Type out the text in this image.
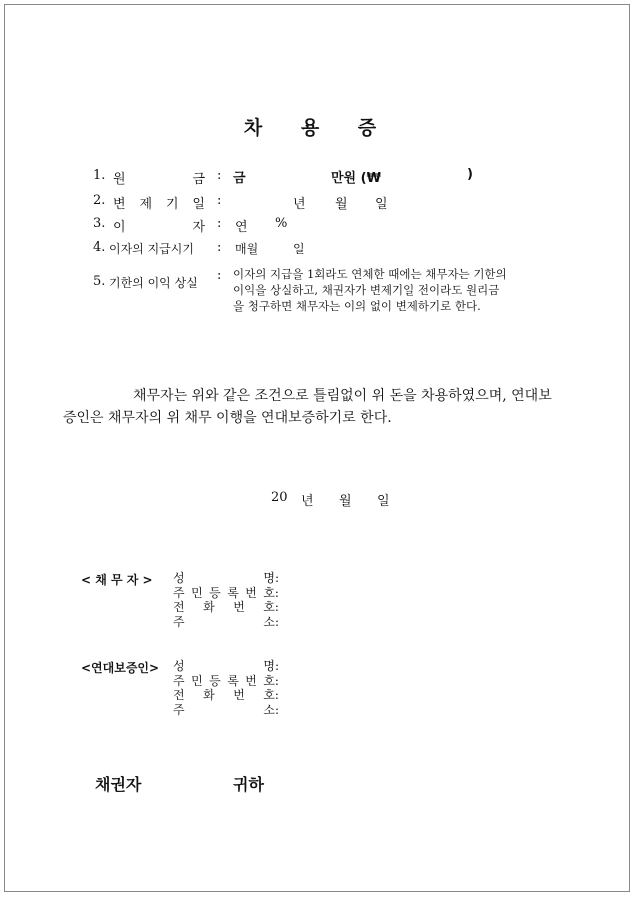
차 용 증
1. 원	금 : 금	만원 (₩	)
2. 변 제 기 일 :	년 월 일
3. 이	자 : 연 %
4. 이자의 지급시기 : 매월	일
5. 기한의 이익 상실 : 이자의 지급을 1회라도 연체한 때에는 채무자는 기한의
이익을 상실하고, 채권자가 변제기일 전이라도 원리금
을 청구하면 채무자는 이의 없이 변제하기로 한다.
채무자는 위와 같은 조건으로 틀림없이 위 돈을 차용하였으며, 연대보
증인은 채무자의 위 채무 이행을 연대보증하기로 한다.
20 년 월 일
< 채 무 자 > 성	명:
주 민 등 록 번 호:
전 화 번 호:
주	소:
<연대보증인> 성	명:
주 민 등 록 번 호:
전 화 번 호:
주	소:
채권자	귀하
